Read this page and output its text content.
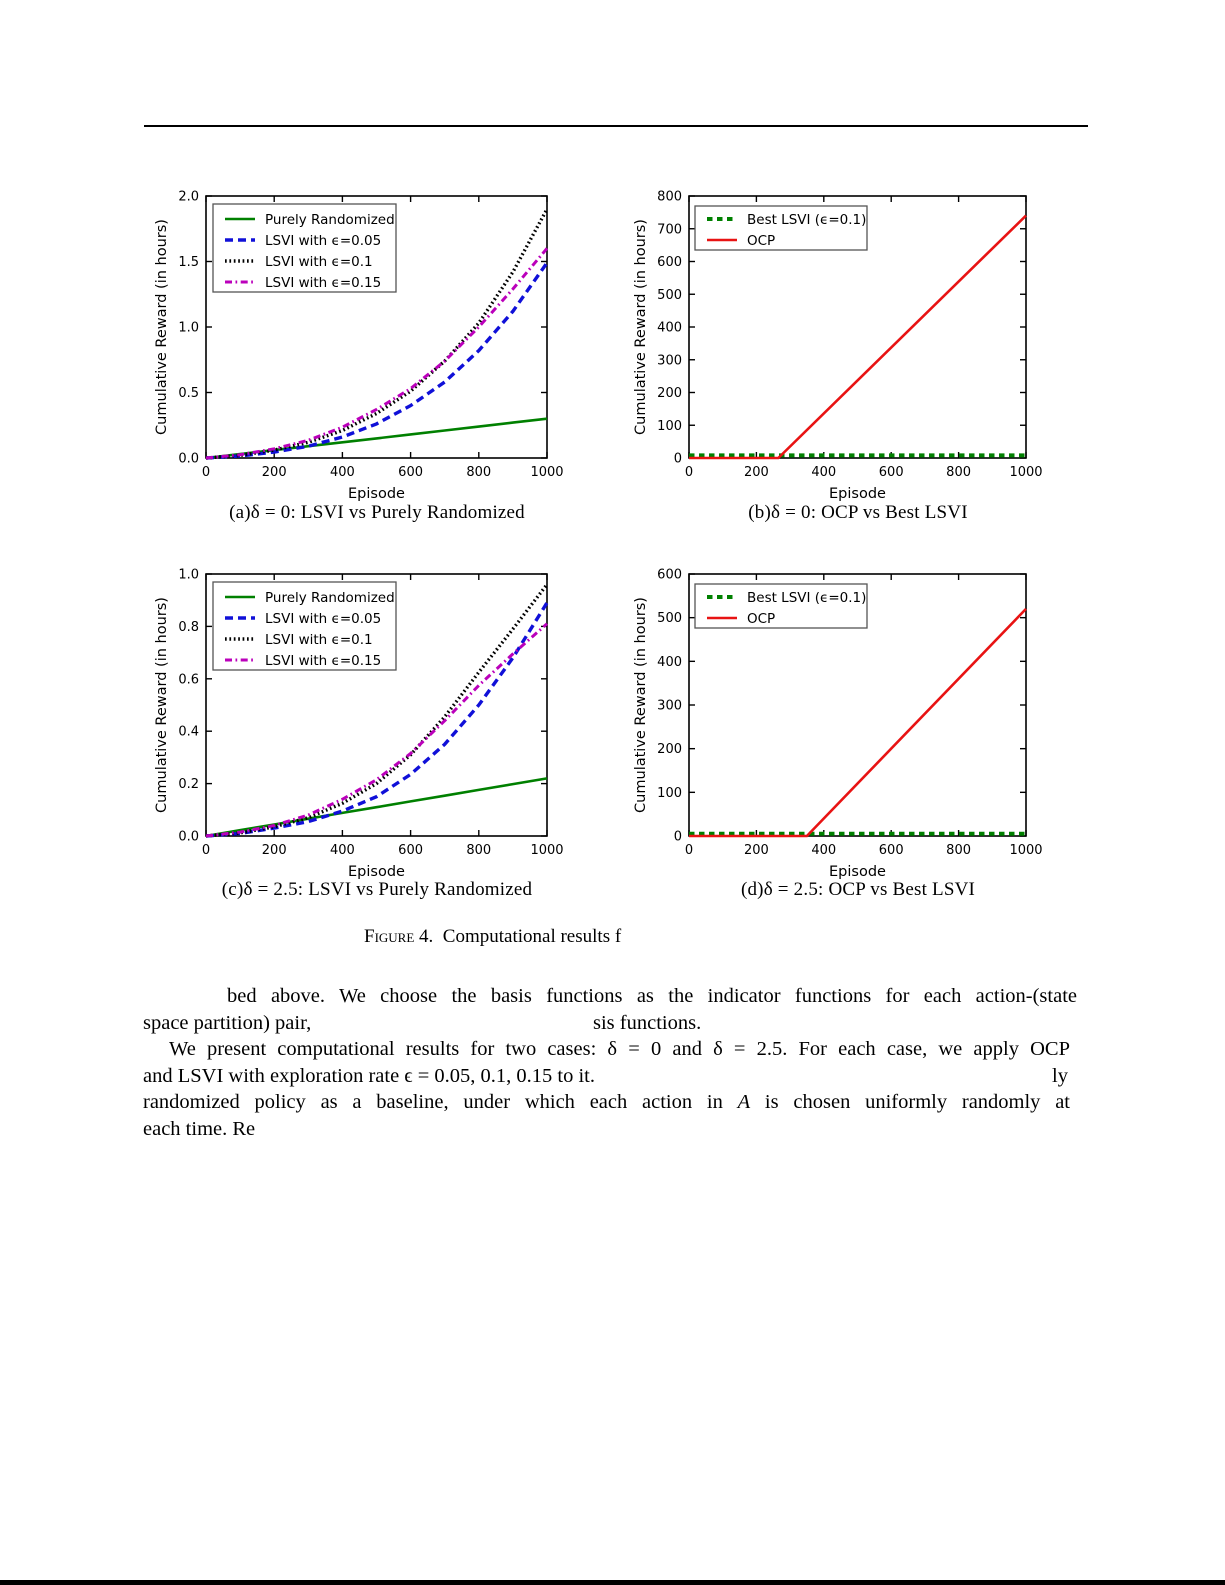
0	200	400	600	800	1000
0.0
0.5
1.0
1.5
2.0
Purely Randomized
LSVI with ϵ=0.05
LSVI with ϵ=0.1
LSVI with ϵ=0.15
Episode
Cumulative Reward (in hours)
0	200	400	600	800	1000
0
100
200
300
400
500
600
700
800
Best LSVI (ϵ=0.1)
OCP
Episode
Cumulative Reward (in hours)
0	200	400	600	800	1000
0.0
0.2
0.4
0.6
0.8
1.0
Purely Randomized
LSVI with ϵ=0.05
LSVI with ϵ=0.1
LSVI with ϵ=0.15
Episode
Cumulative Reward (in hours)
0	200	400	600	800	1000
0
100
200
300
400
500
600
Best LSVI (ϵ=0.1)
OCP
Episode
Cumulative Reward (in hours)
(a)δ = 0: LSVI vs Purely Randomized	(b)δ = 0: OCP vs Best LSVI
(c)δ = 2.5: LSVI vs Purely Randomized	(d)δ = 2.5: OCP vs Best LSVI
Figure 4. Computational results f
bed above. We choose the basis functions as the indicator functions for each action-(state
space partition) pair,	sis functions.
We present computational results for two cases: δ = 0 and δ = 2.5. For each case, we apply OCP
and LSVI with exploration rate ϵ = 0.05, 0.1, 0.15 to it.	ly
randomized policy as a baseline, under which each action in A is chosen uniformly randomly at
each time. Re
